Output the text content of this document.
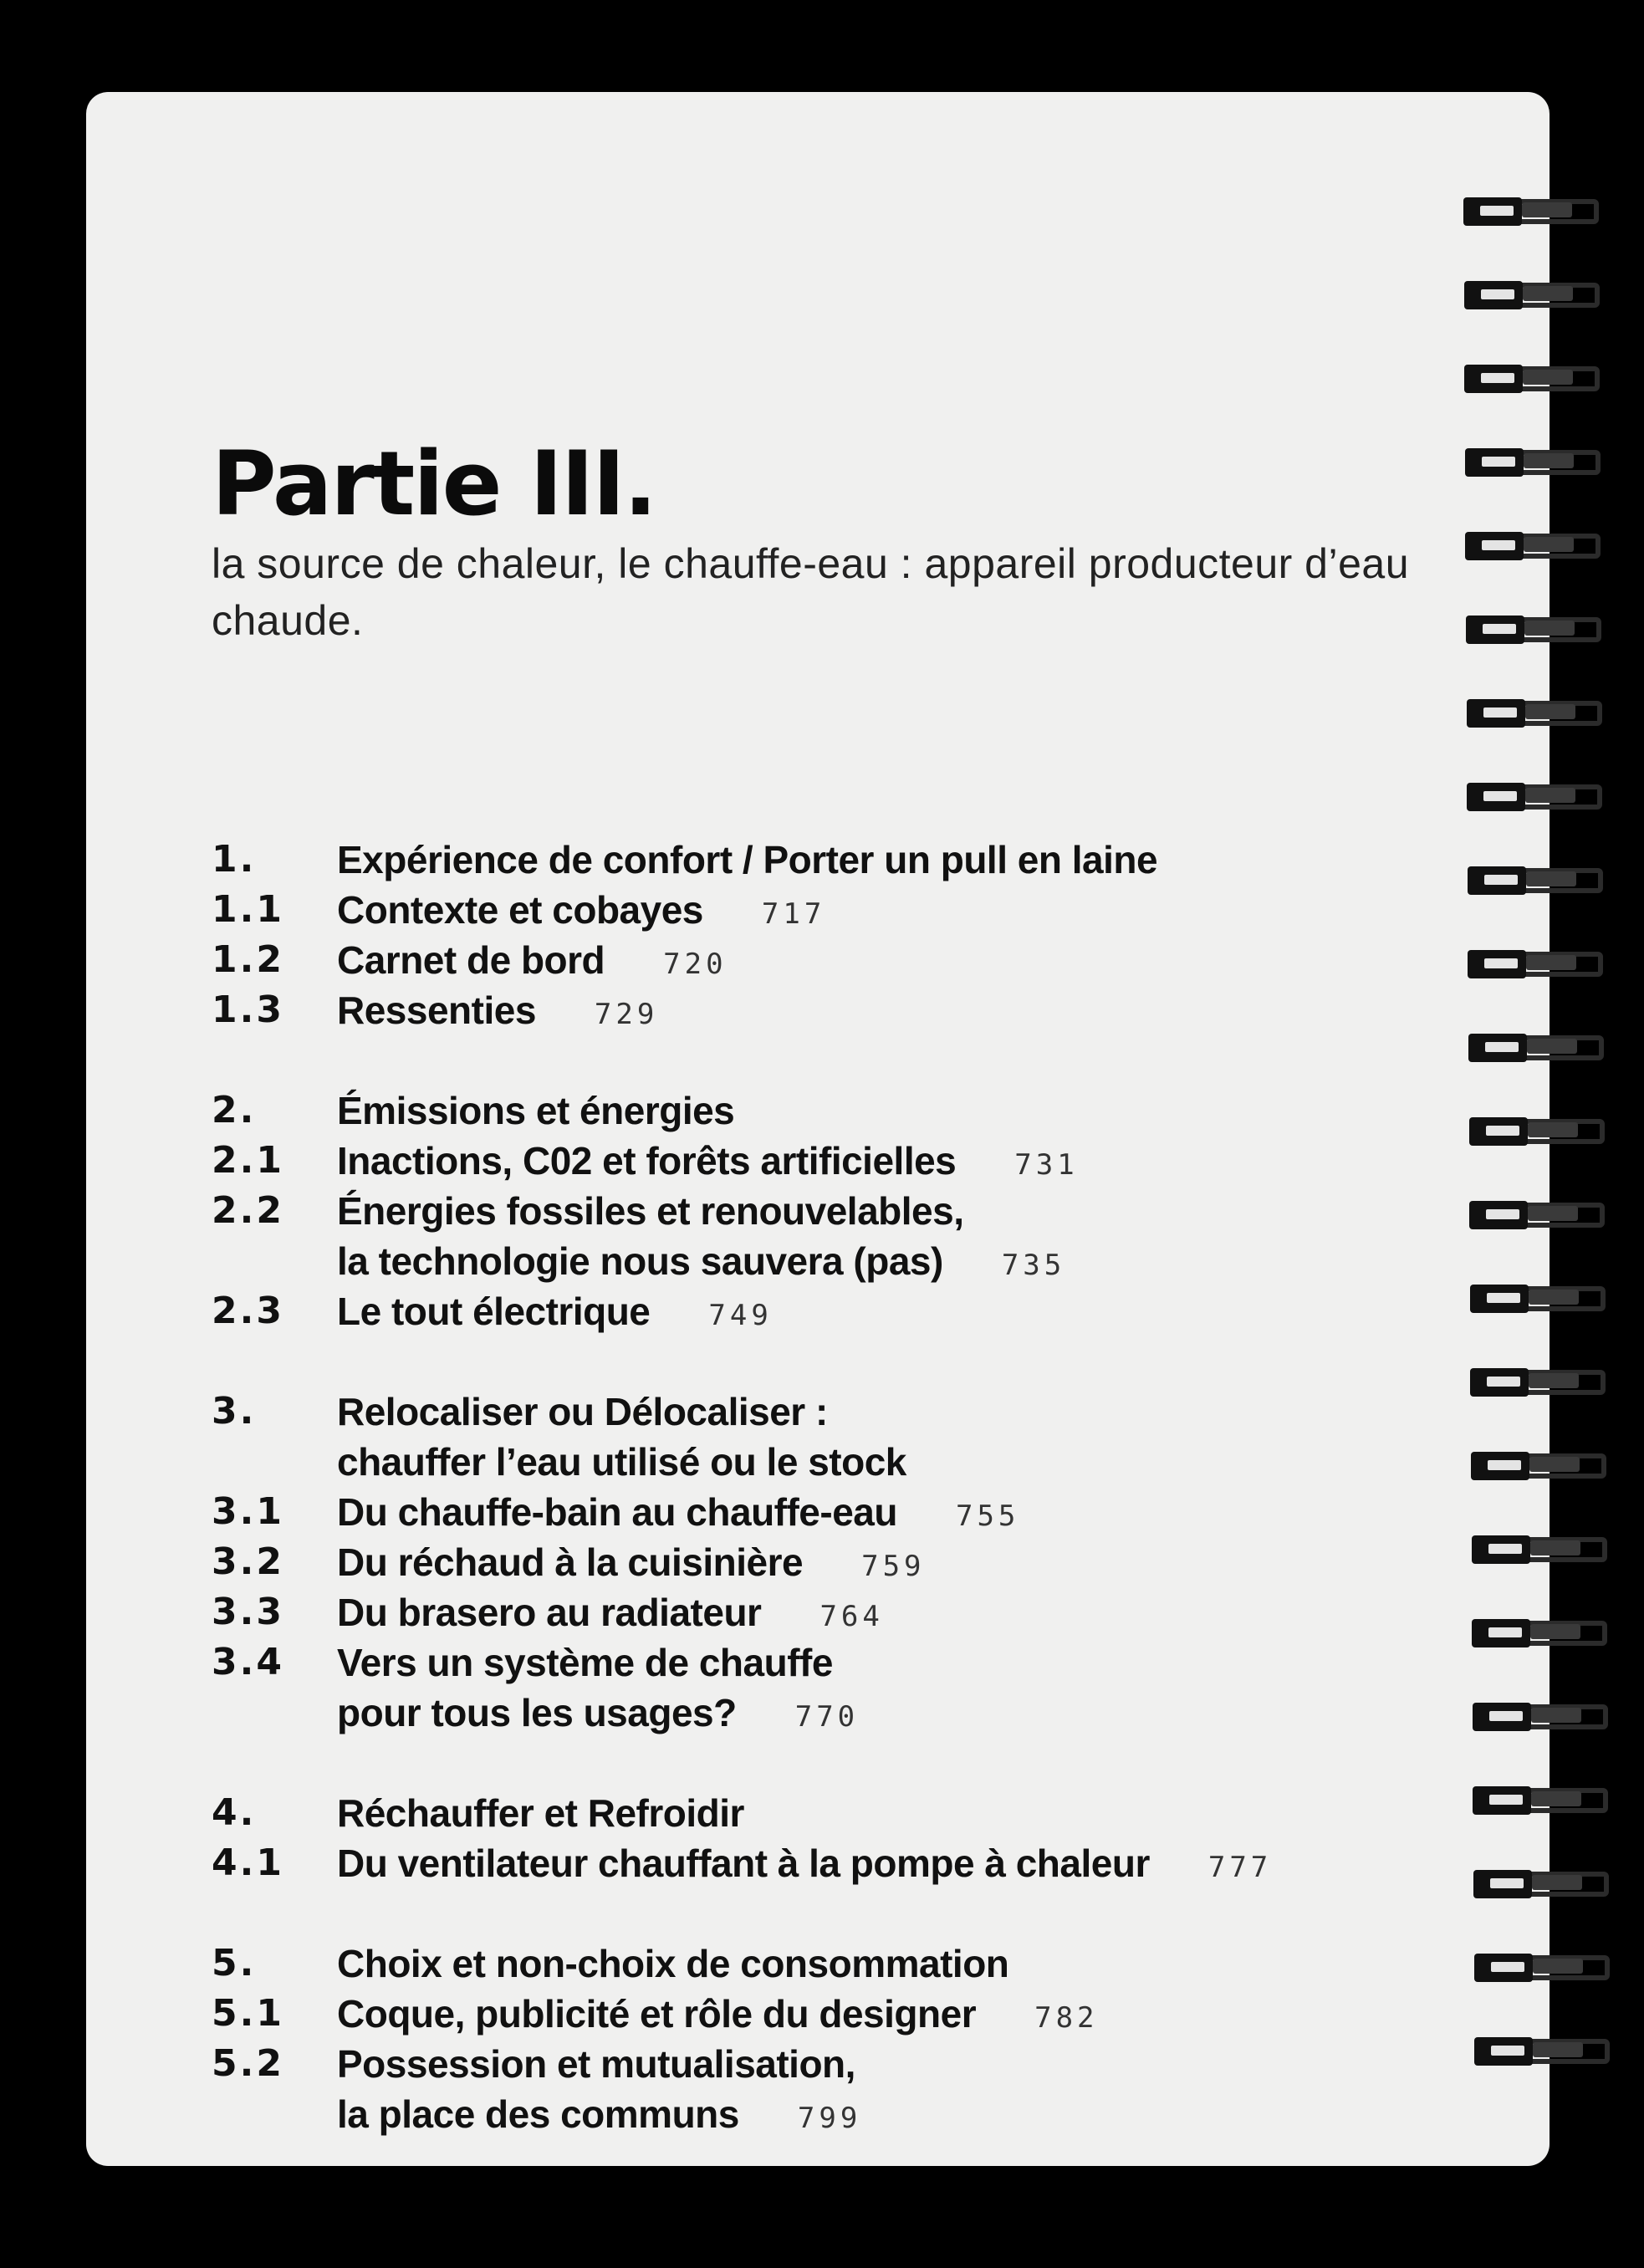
Partie III.

la source de chaleur, le chauffe-eau : appareil producteur d’eau chaude.

1. Expérience de confort / Porter un pull en laine
1.1 Contexte et cobayes 717
1.2 Carnet de bord 720
1.3 Ressenties 729
2. Émissions et énergies
2.1 Inactions, C02 et forêts artificielles 731
2.2 Énergies fossiles et renouvelables,
la technologie nous sauvera (pas) 735
2.3 Le tout électrique 749
3. Relocaliser ou Délocaliser :
chauffer l’eau utilisé ou le stock
3.1 Du chauffe-bain au chauffe-eau 755
3.2 Du réchaud à la cuisinière 759
3.3 Du brasero au radiateur 764
3.4 Vers un système de chauffe
pour tous les usages? 770
4. Réchauffer et Refroidir
4.1 Du ventilateur chauffant à la pompe à chaleur 777
5. Choix et non-choix de consommation
5.1 Coque, publicité et rôle du designer 782
5.2 Possession et mutualisation,
la place des communs 799
